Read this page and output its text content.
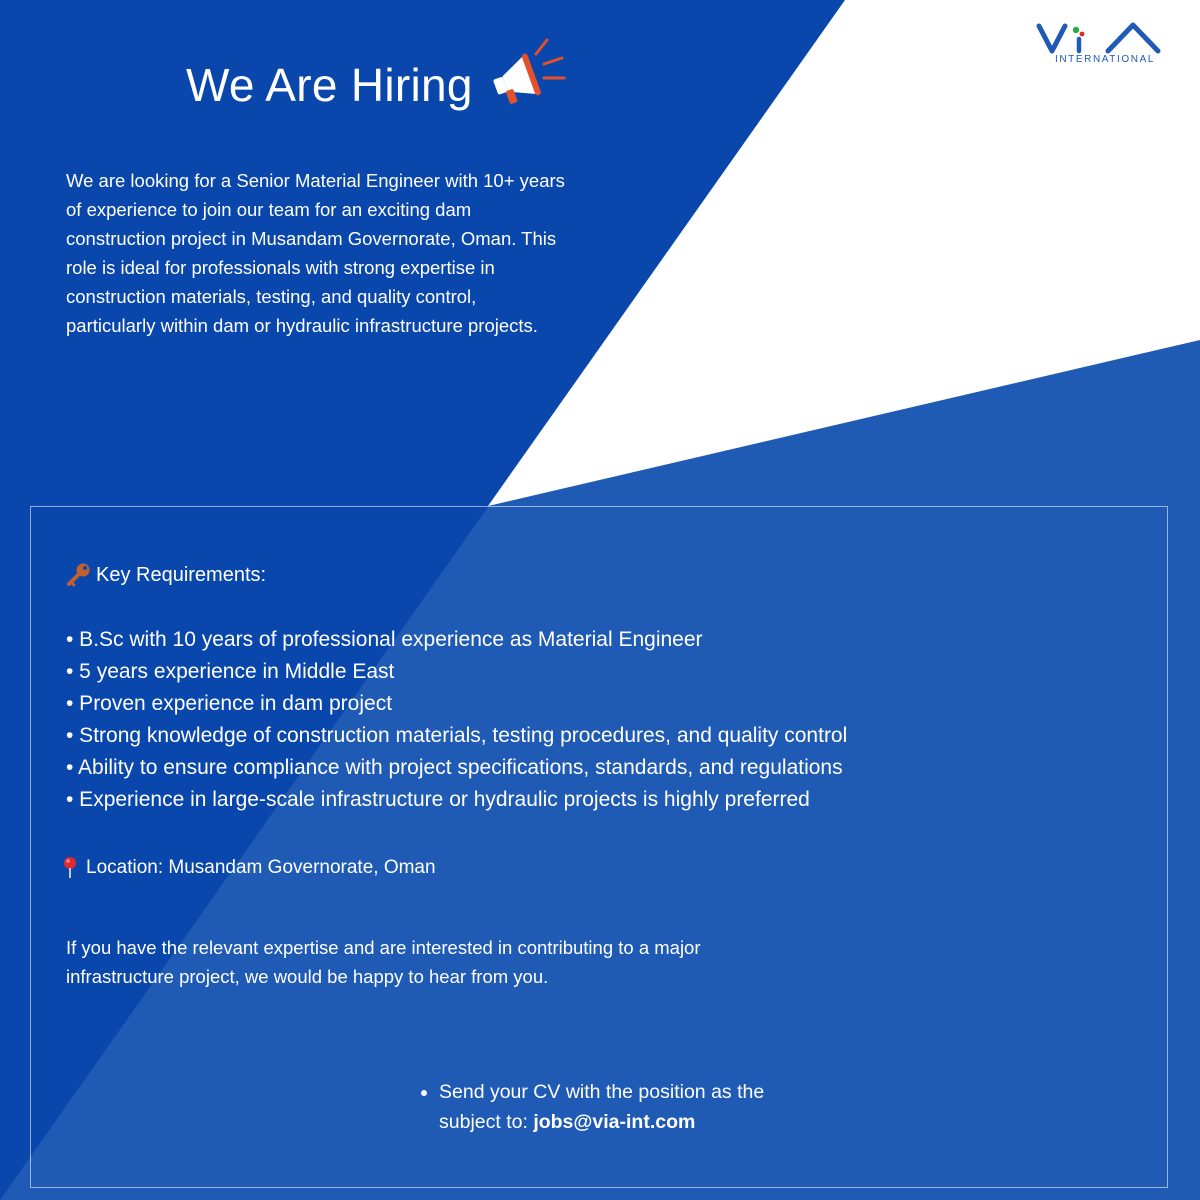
INTERNATIONAL
We Are Hiring

We are looking for a Senior Material Engineer with 10+ years of experience to join our team for an exciting dam construction project in Musandam Governorate, Oman. This role is ideal for professionals with strong expertise in construction materials, testing, and quality control, particularly within dam or hydraulic infrastructure projects.

Key Requirements:
• B.Sc with 10 years of professional experience as Material Engineer
• 5 years experience in Middle East
• Proven experience in dam project
• Strong knowledge of construction materials, testing procedures, and quality control
• Ability to ensure compliance with project specifications, standards, and regulations
• Experience in large-scale infrastructure or hydraulic projects is highly preferred
Location: Musandam Governorate, Oman

If you have the relevant expertise and are interested in contributing to a major infrastructure project, we would be happy to hear from you.

Send your CV with the position as the subject to: jobs@via-int.com
